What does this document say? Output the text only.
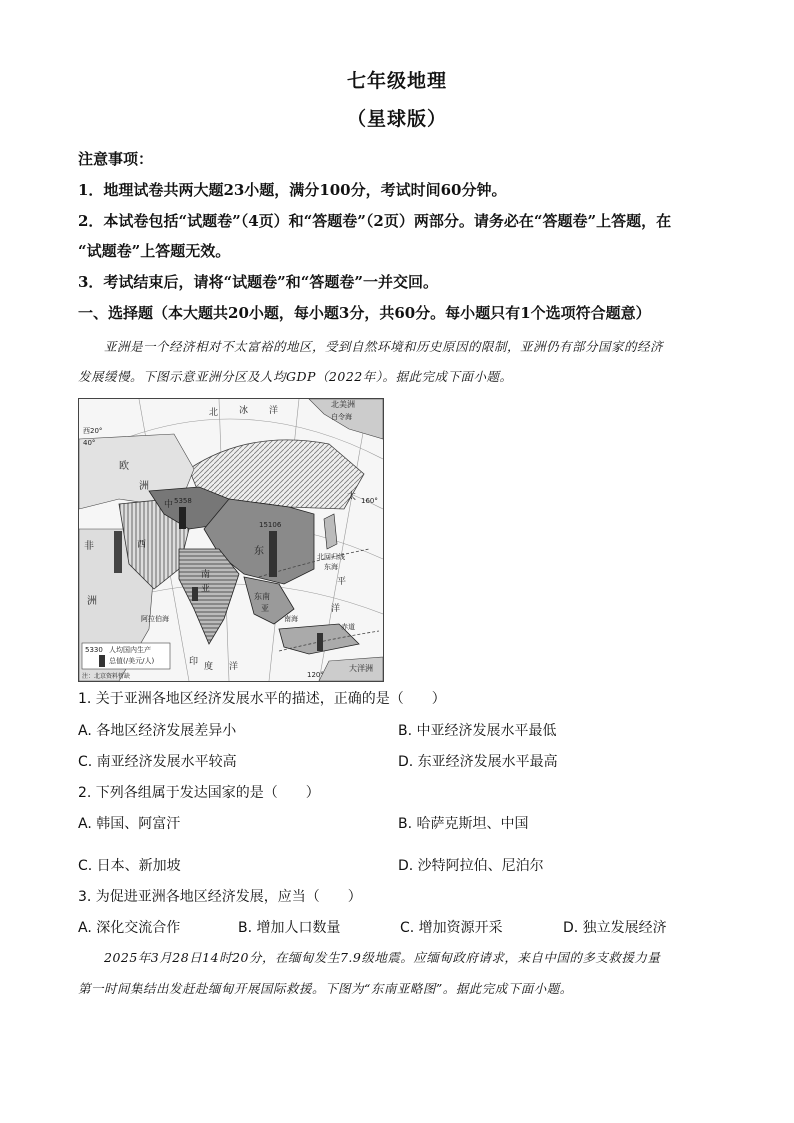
七年级地理
（星球版）
注意事项：
1．地理试卷共两大题23小题，满分100分，考试时间60分钟。
2．本试卷包括“试题卷”（4页）和“答题卷”（2页）两部分。请务必在“答题卷”上答题，在
“试题卷”上答题无效。
3．考试结束后，请将“试题卷”和“答题卷”一并交回。
一、选择题（本大题共20小题，每小题3分，共60分。每小题只有1个选项符合题意）
亚洲是一个经济相对不太富裕的地区，受到自然环境和历史原因的限制，亚洲仍有部分国家的经济
发展缓慢。下图示意亚洲分区及人均GDP（2022年）。据此完成下面小题。
北美洲
北 冰 洋
白令海
西20°
40°
欧
洲
非
洲
中 5358
西
东
15106
南
亚
东南
亚
阿拉伯海
印 度 洋
太
平
洋
大洋洲
北回归线
赤道
160°
120°
东海
南海
5330 人均国内生产
总值(/美元/人)
注：北京资料暂缺
1. 关于亚洲各地区经济发展水平的描述，正确的是（　　）
A. 各地区经济发展差异小	B. 中亚经济发展水平最低
C. 南亚经济发展水平较高	D. 东亚经济发展水平最高
2. 下列各组属于发达国家的是（　　）
A. 韩国、阿富汗	B. 哈萨克斯坦、中国
C. 日本、新加坡	D. 沙特阿拉伯、尼泊尔
3. 为促进亚洲各地区经济发展，应当（　　）
A. 深化交流合作	B. 增加人口数量	C. 增加资源开采	D. 独立发展经济
2025年3月28日14时20分，在缅甸发生7.9级地震。应缅甸政府请求，来自中国的多支救援力量
第一时间集结出发赶赴缅甸开展国际救援。下图为“东南亚略图”。据此完成下面小题。
